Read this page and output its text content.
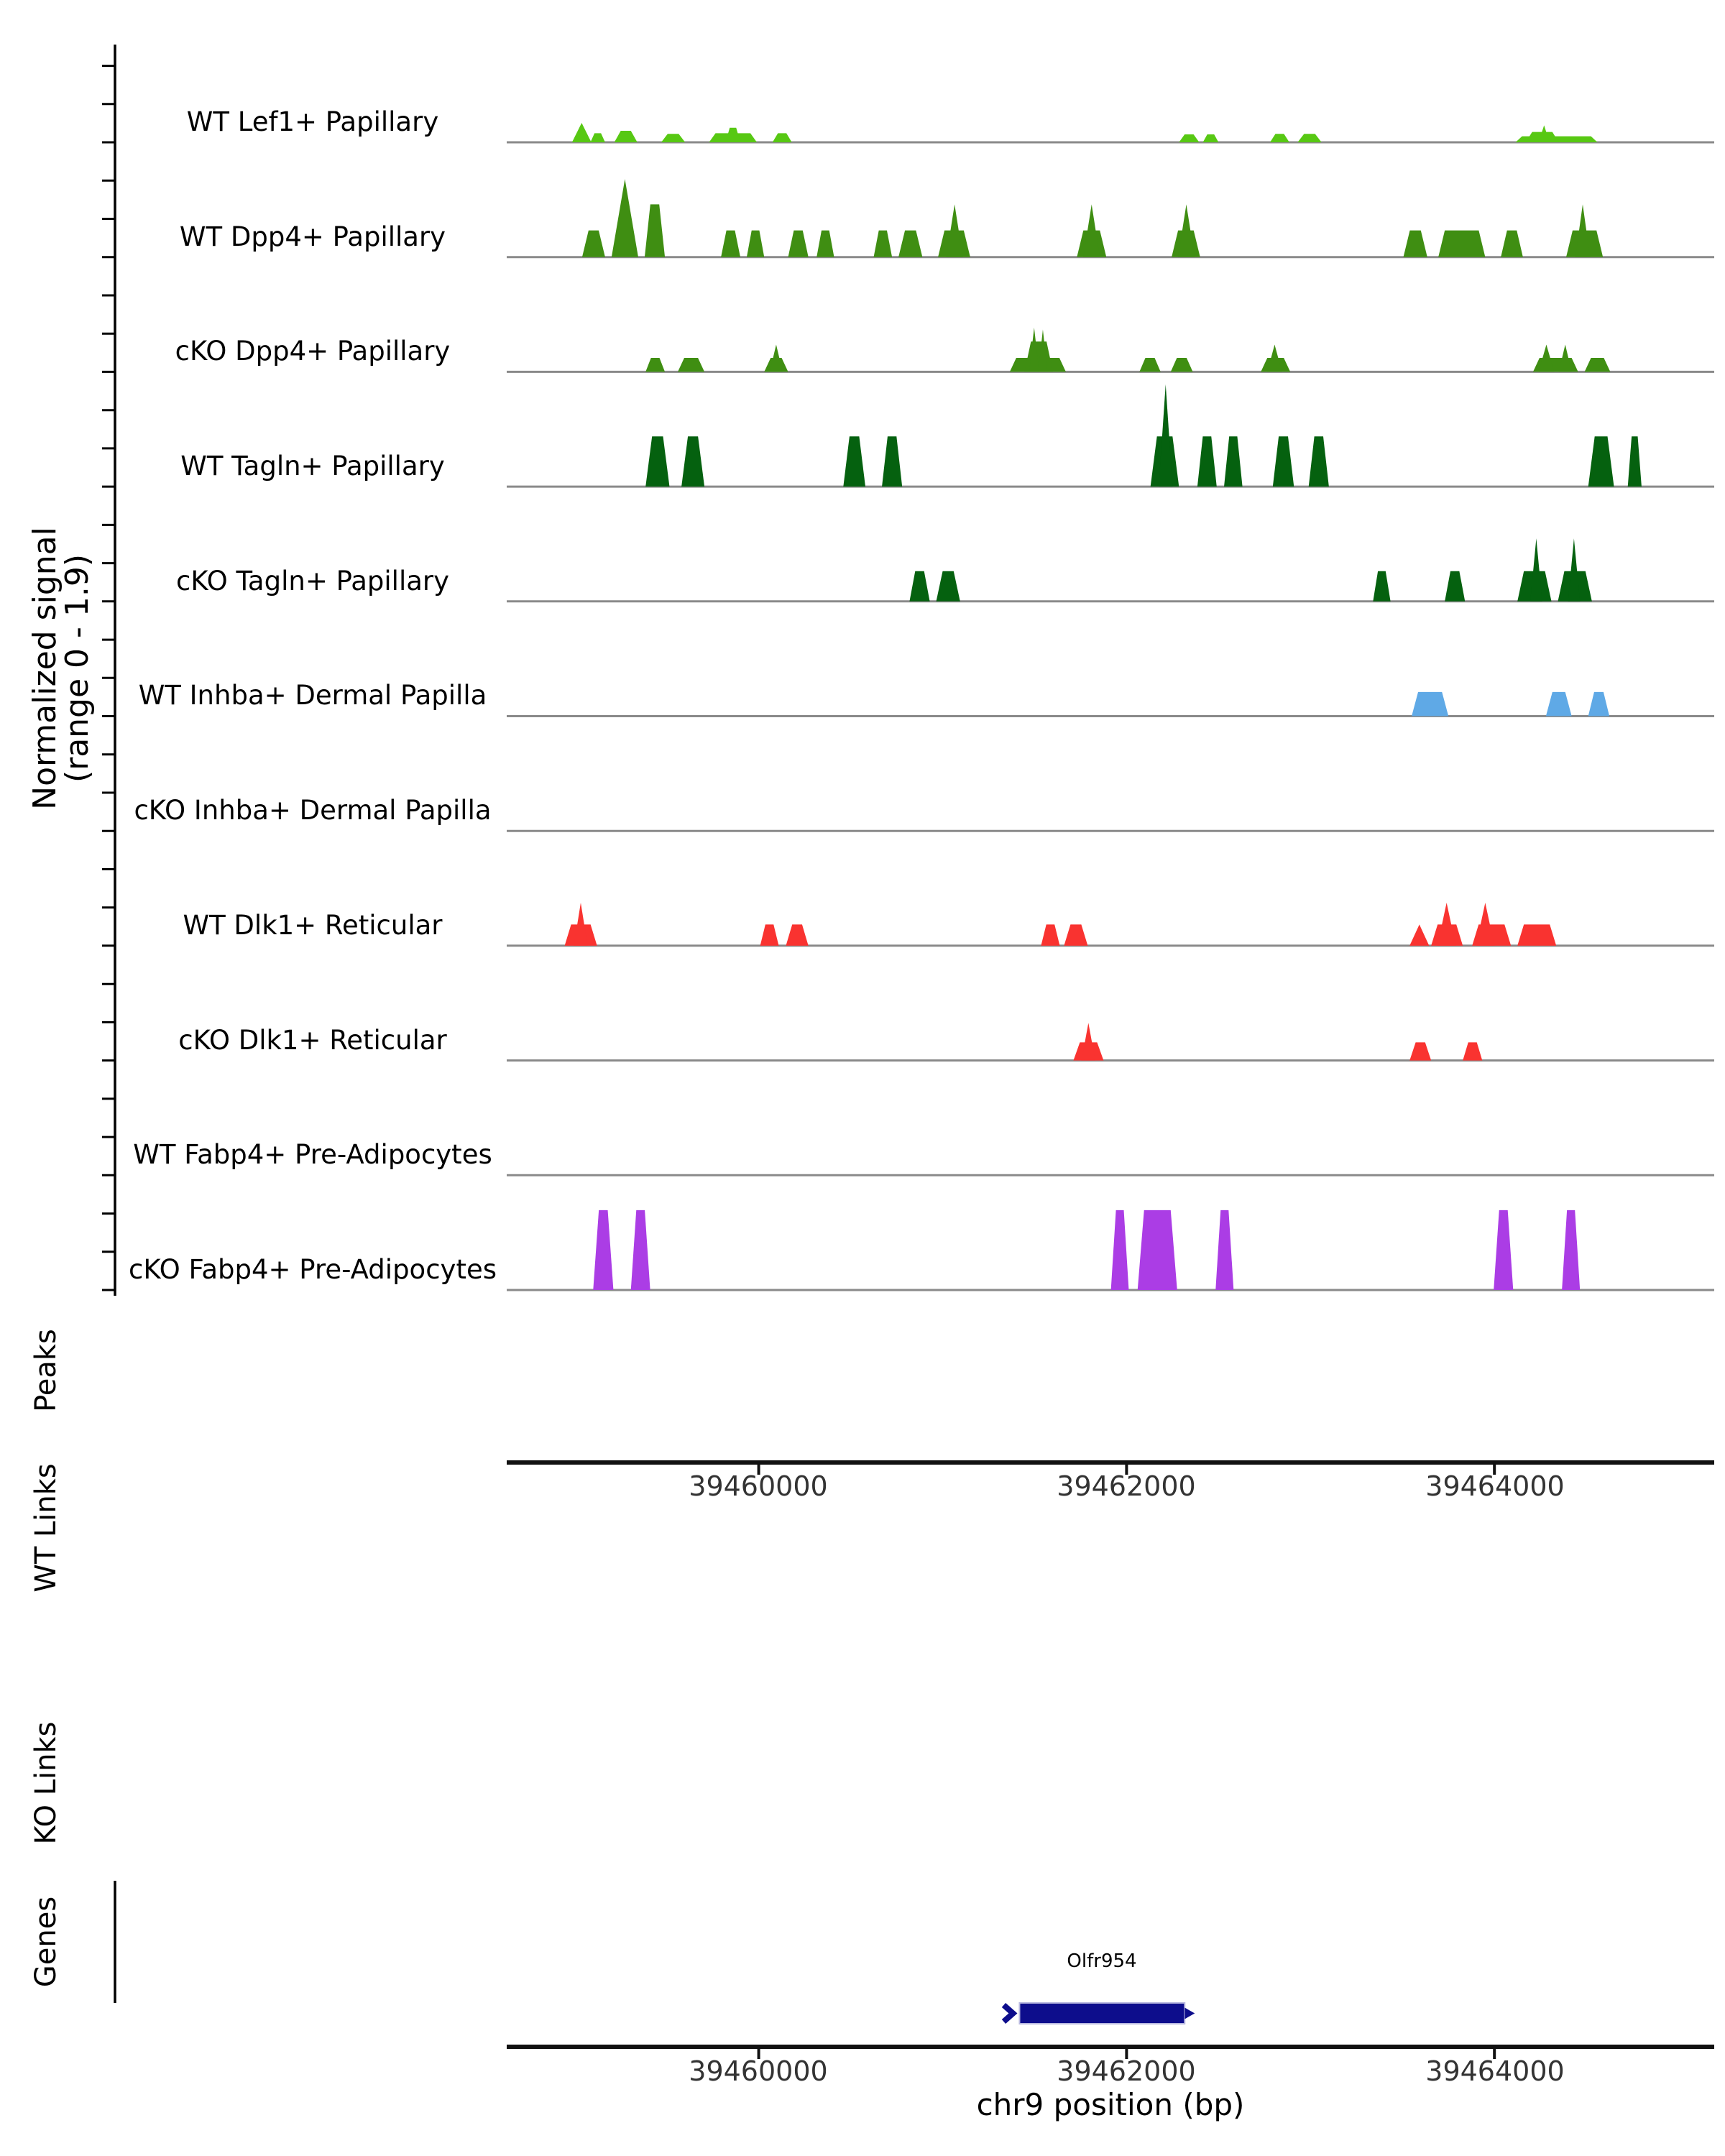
Normalized signal
(range 0 - 1.9)
WT Lef1+ Papillary
WT Dpp4+ Papillary
cKO Dpp4+ Papillary
WT Tagln+ Papillary
cKO Tagln+ Papillary
WT Inhba+ Dermal Papilla
cKO Inhba+ Dermal Papilla
WT Dlk1+ Reticular
cKO Dlk1+ Reticular
WT Fabp4+ Pre-Adipocytes
cKO Fabp4+ Pre-Adipocytes
Peaks
WT Links
KO Links
Genes
39460000	39462000	39464000
39460000	39462000	39464000
chr9 position (bp)
Olfr954
